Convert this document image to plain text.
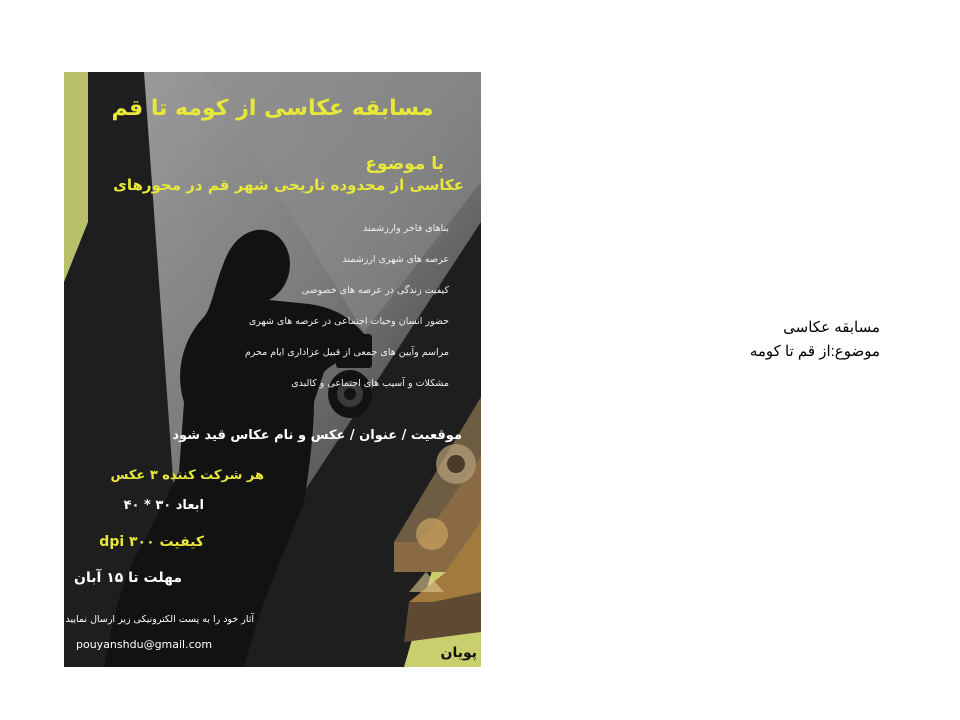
مسابقه عکاسی از کومه تا قم
با موضوع
عکاسی از محدوده تاریخی شهر قم در محورهای
بناهای فاخر وارزشمند
عرصه های شهری ارزشمند
کیفیت زندگی در عرصه های خصوصی
حضور انسان وحیات اجتماعی در عرصه های شهری
مراسم وآیین های جمعی از قبیل عزاداری ایام محرم
مشکلات و آسیب های اجتماعی و کالبدی
موقعیت / عنوان / عکس و نام عکاس قید شود
هر شرکت کننده ۳ عکس
ابعاد ۳۰ * ۴۰
کیفیت dpi ۳۰۰
مهلت تا ۱۵ آبان
آثار خود را به پست الکترونیکی زیر ارسال نمایید
pouyanshdu@gmail.com
پویان
مسابقه عکاسی
موضوع:از قم تا کومه
